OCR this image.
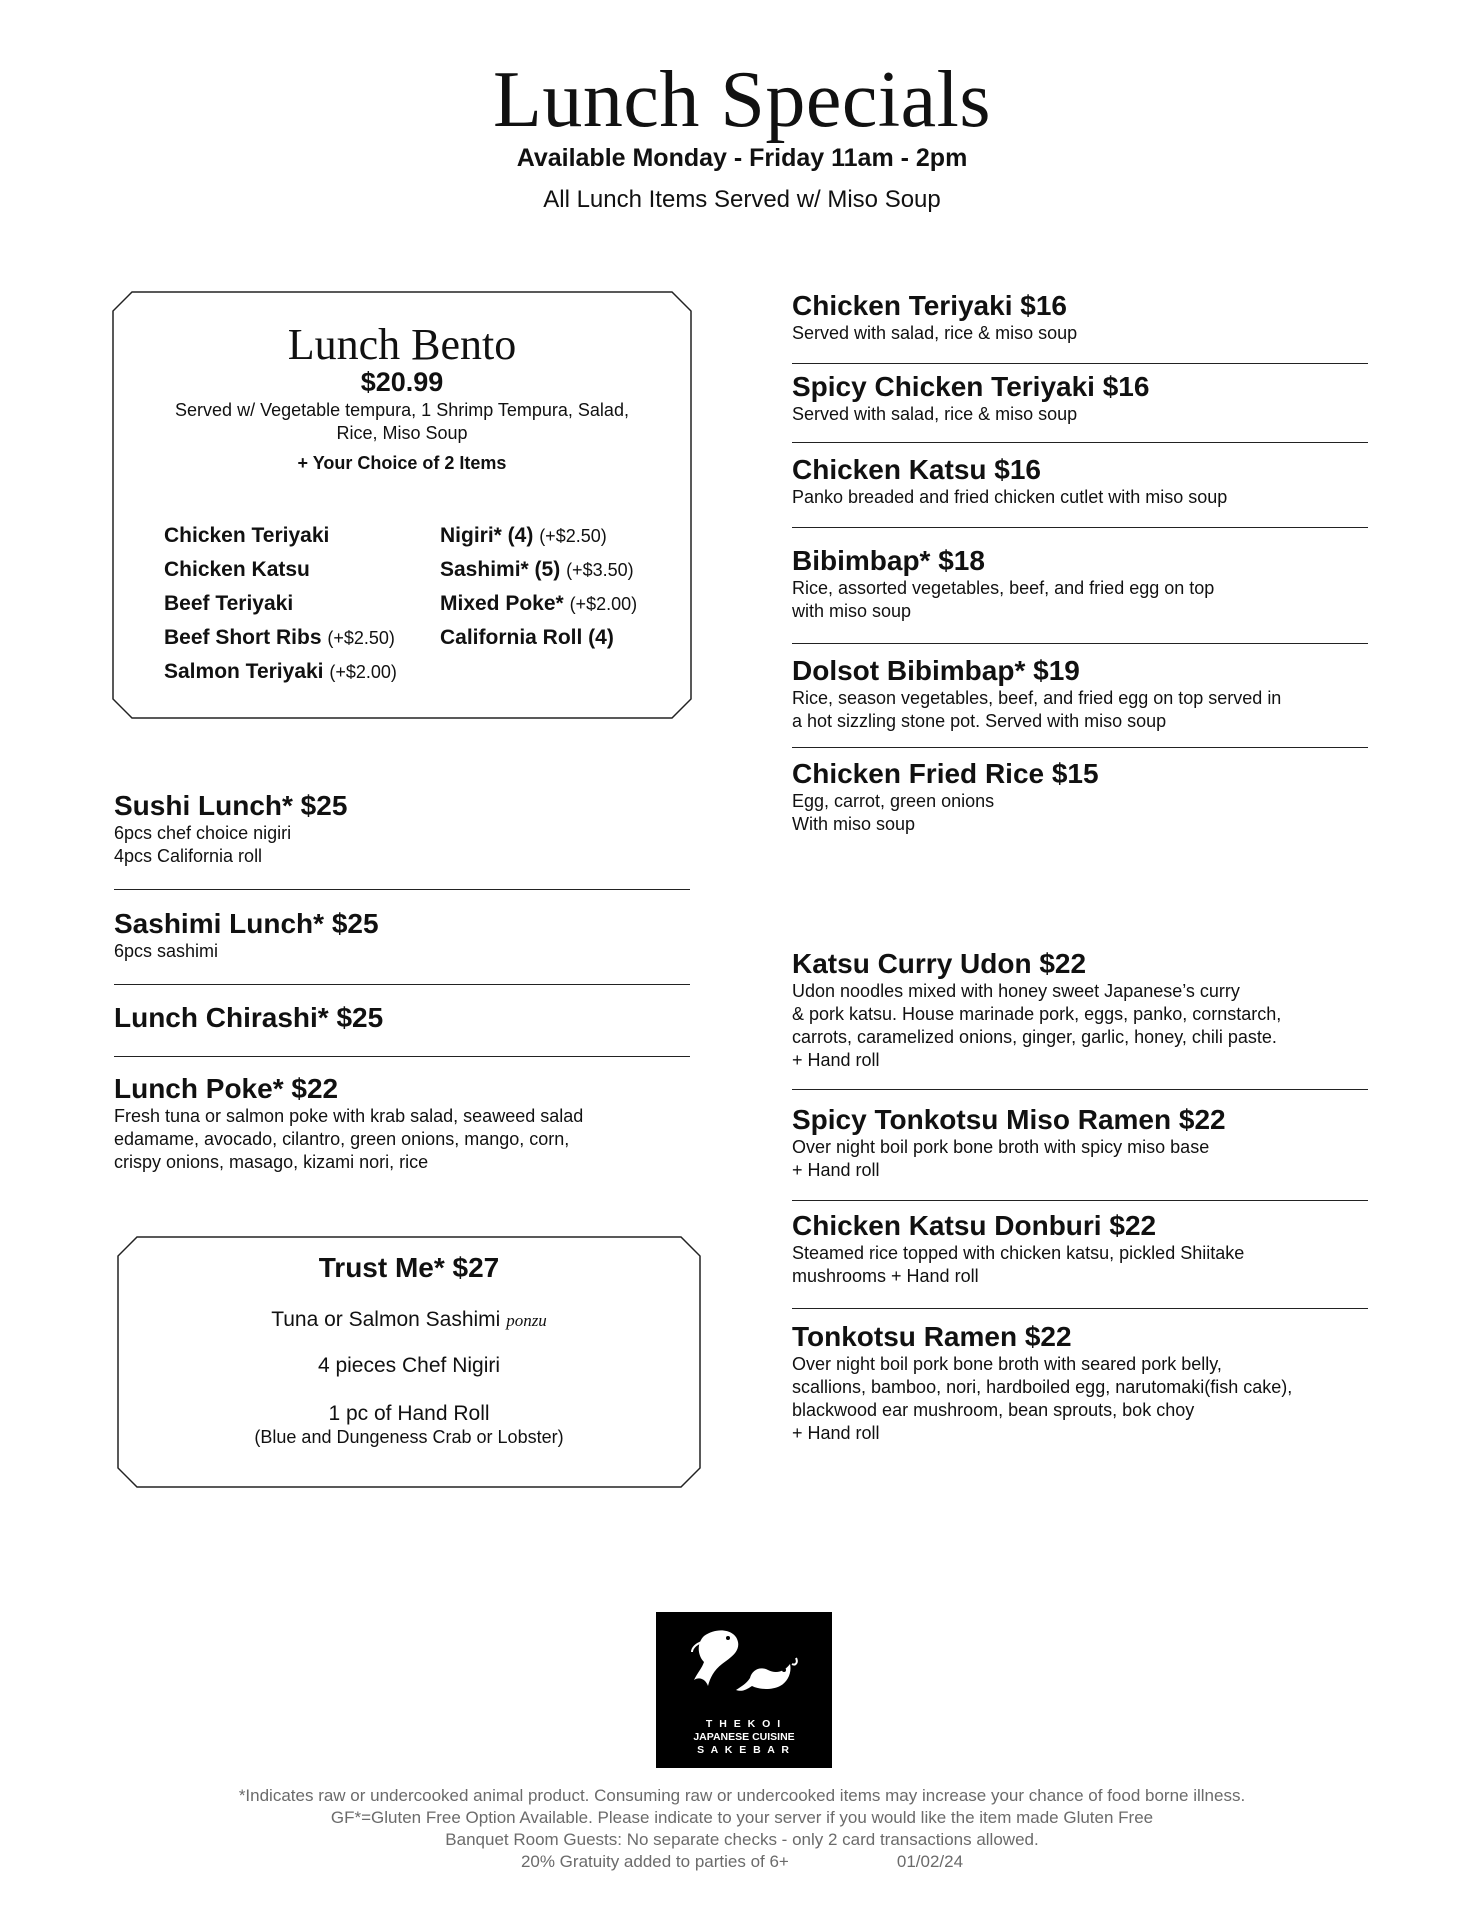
Lunch Specials
Available Monday - Friday 11am - 2pm
All Lunch Items Served w/ Miso Soup
Lunch Bento
$20.99
Served w/ Vegetable tempura, 1 Shrimp Tempura, Salad, Rice, Miso Soup
+ Your Choice of 2 Items
Chicken Teriyaki
Chicken Katsu
Beef Teriyaki
Beef Short Ribs (+$2.50)
Salmon Teriyaki (+$2.00)
Nigiri* (4) (+$2.50)
Sashimi* (5) (+$3.50)
Mixed Poke* (+$2.00)
California Roll (4)
Sushi Lunch* $25
6pcs chef choice nigiri
4pcs California roll
Sashimi Lunch* $25
6pcs sashimi
Lunch Chirashi* $25
Lunch Poke* $22
Fresh tuna or salmon poke with krab salad, seaweed salad
edamame, avocado, cilantro, green onions, mango, corn,
crispy onions, masago, kizami nori, rice
Trust Me* $27
Tuna or Salmon Sashimi ponzu
4 pieces Chef Nigiri
1 pc of Hand Roll
(Blue and Dungeness Crab or Lobster)
Chicken Teriyaki $16
Served with salad, rice & miso soup
Spicy Chicken Teriyaki $16
Served with salad, rice & miso soup
Chicken Katsu $16
Panko breaded and fried chicken cutlet with miso soup
Bibimbap* $18
Rice, assorted vegetables, beef, and fried egg on top
with miso soup
Dolsot Bibimbap* $19
Rice, season vegetables, beef, and fried egg on top served in
a hot sizzling stone pot. Served with miso soup
Chicken Fried Rice $15
Egg, carrot, green onions
With miso soup
Katsu Curry Udon $22
Udon noodles mixed with honey sweet Japanese’s curry
& pork katsu. House marinade pork, eggs, panko, cornstarch,
carrots, caramelized onions, ginger, garlic, honey, chili paste.
+ Hand roll
Spicy Tonkotsu Miso Ramen $22
Over night boil pork bone broth with spicy miso base
+ Hand roll
Chicken Katsu Donburi $22
Steamed rice topped with chicken katsu, pickled Shiitake
mushrooms + Hand roll
Tonkotsu Ramen $22
Over night boil pork bone broth with seared pork belly,
scallions, bamboo, nori, hardboiled egg, narutomaki(fish cake),
blackwood ear mushroom, bean sprouts, bok choy
+ Hand roll
T H E K O I
JAPANESE CUISINE
S A K E B A R
*Indicates raw or undercooked animal product. Consuming raw or undercooked items may increase your chance of food borne illness.
GF*=Gluten Free Option Available. Please indicate to your server if you would like the item made Gluten Free
Banquet Room Guests: No separate checks - only 2 card transactions allowed.
20% Gratuity added to parties of 6+	01/02/24
